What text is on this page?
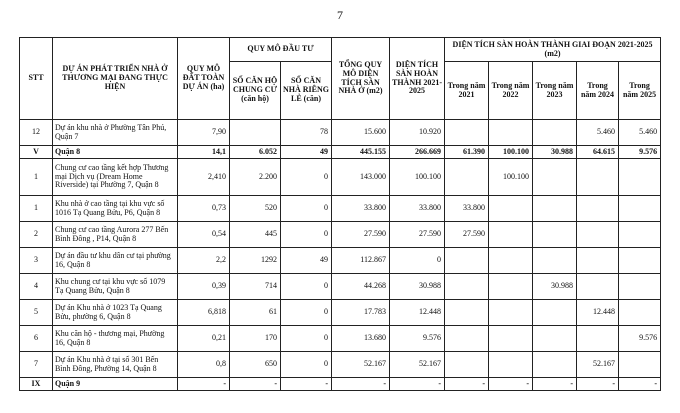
7
STT	DỰ ÁN PHÁT TRIỂN NHÀ Ở THƯƠNG MẠI ĐANG THỰC HIỆN	QUY MÔ ĐẤT TOÀN DỰ ÁN (ha)	QUY MÔ ĐẦU TƯ		TỔNG QUY MÔ DIỆN TÍCH SÀN NHÀ Ở (m2)	DIỆN TÍCH SÀN HOÀN THÀNH 2021-2025	DIỆN TÍCH SÀN HOÀN THÀNH GIAI ĐOẠN 2021-2025 (m2)				
			SỐ CĂN HỘ CHUNG CƯ (căn hộ)	SỐ CĂN NHÀ RIÊNG LẺ (căn)			Trong năm 2021	Trong năm 2022	Trong năm 2023	Trong năm 2024	Trong năm 2025
12	Dự án khu nhà ở Phường Tân Phú, Quận 7	7,90		78	15.600	10.920				5.460	5.460
V	Quận 8	14,1	6.052	49	445.155	266.669	61.390	100.100	30.988	64.615	9.576
1	Chung cư cao tầng kết hợp Thương mại Dịch vụ (Dream Home Riverside) tại Phường 7, Quận 8	2,410	2.200	0	143.000	100.100		100.100			
1	Khu nhà ở cao tầng tại khu vực số 1016 Tạ Quang Bửu, P6, Quận 8	0,73	520	0	33.800	33.800	33.800				
2	Chung cư cao tầng Aurora 277 Bến Bình Đông , P14, Quận 8	0,54	445	0	27.590	27.590	27.590				
3	Dự án đầu tư khu dân cư tại phường 16, Quận 8	2,2	1292	49	112.867	0					
4	Khu chung cư tại khu vực số 1079 Tạ Quang Bửu, Quận 8	0,39	714	0	44.268	30.988			30.988		
5	Dự án Khu nhà ở 1023 Tạ Quang Bửu, phường 6, Quận 8	6,818	61	0	17.783	12.448				12.448	
6	Khu căn hộ - thương mại, Phường 16, Quận 8	0,21	170	0	13.680	9.576					9.576
7	Dự án Khu nhà ở tại số 301 Bến Bình Đông, Phường 14, Quận 8	0,8	650	0	52.167	52.167				52.167	
IX	Quận 9	-	-	-	-	-	-	-	-	-	-
